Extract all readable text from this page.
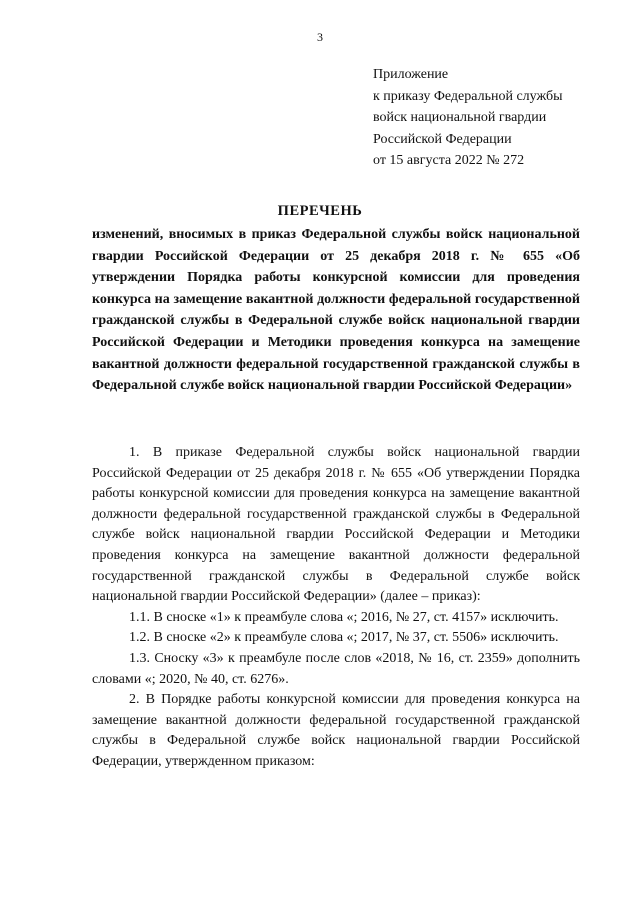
3
Приложение
к приказу Федеральной службы
войск национальной гвардии
Российской Федерации
от 15 августа 2022 № 272
ПЕРЕЧЕНЬ
изменений, вносимых в приказ Федеральной службы войск национальной гвардии Российской Федерации от 25 декабря 2018 г. № 655 «Об утверждении Порядка работы конкурсной комиссии для проведения конкурса на замещение вакантной должности федеральной государственной гражданской службы в Федеральной службе войск национальной гвардии Российской Федерации и Методики проведения конкурса на замещение вакантной должности федеральной государственной гражданской службы в Федеральной службе войск национальной гвардии Российской Федерации»

1. В приказе Федеральной службы войск национальной гвардии Российской Федерации от 25 декабря 2018 г. № 655 «Об утверждении Порядка работы конкурсной комиссии для проведения конкурса на замещение вакантной должности федеральной государственной гражданской службы в Федеральной службе войск национальной гвардии Российской Федерации и Методики проведения конкурса на замещение вакантной должности федеральной государственной гражданской службы в Федеральной службе войск национальной гвардии Российской Федерации» (далее – приказ):

1.1. В сноске «1» к преамбуле слова «; 2016, № 27, ст. 4157» исключить.

1.2. В сноске «2» к преамбуле слова «; 2017, № 37, ст. 5506» исключить.

1.3. Сноску «3» к преамбуле после слов «2018, № 16, ст. 2359» дополнить словами «; 2020, № 40, ст. 6276».

2. В Порядке работы конкурсной комиссии для проведения конкурса на замещение вакантной должности федеральной государственной гражданской службы в Федеральной службе войск национальной гвардии Российской Федерации, утвержденном приказом:
